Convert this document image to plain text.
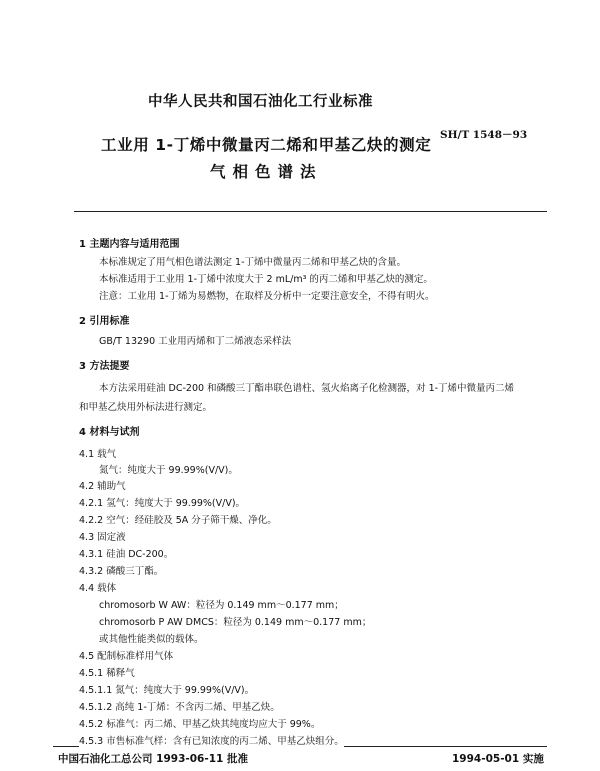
中华人民共和国石油化工行业标准
工业用 1-丁烯中微量丙二烯和甲基乙炔的测定
气相色谱法
SH/T 1548－93
1 主题内容与适用范围
本标准规定了用气相色谱法测定 1-丁烯中微量丙二烯和甲基乙炔的含量。
本标准适用于工业用 1-丁烯中浓度大于 2 mL/m³ 的丙二烯和甲基乙炔的测定。
注意：工业用 1-丁烯为易燃物，在取样及分析中一定要注意安全，不得有明火。
2 引用标准
GB/T 13290 工业用丙烯和丁二烯液态采样法
3 方法提要
本方法采用硅油 DC-200 和磷酸三丁酯串联色谱柱、氢火焰离子化检测器，对 1-丁烯中微量丙二烯
和甲基乙炔用外标法进行测定。
4 材料与试剂
4.1 载气
氮气：纯度大于 99.99%(V/V)。
4.2 辅助气
4.2.1 氢气：纯度大于 99.99%(V/V)。
4.2.2 空气：经硅胶及 5A 分子筛干燥、净化。
4.3 固定液
4.3.1 硅油 DC-200。
4.3.2 磷酸三丁酯。
4.4 载体
chromosorb W AW：粒径为 0.149 mm～0.177 mm；
chromosorb P AW DMCS：粒径为 0.149 mm～0.177 mm；
或其他性能类似的载体。
4.5 配制标准样用气体
4.5.1 稀释气
4.5.1.1 氮气：纯度大于 99.99%(V/V)。
4.5.1.2 高纯 1-丁烯：不含丙二烯、甲基乙炔。
4.5.2 标准气：丙二烯、甲基乙炔其纯度均应大于 99%。
4.5.3 市售标准气样：含有已知浓度的丙二烯、甲基乙炔组分。
中国石油化工总公司 1993-06-11 批准	1994-05-01 实施
